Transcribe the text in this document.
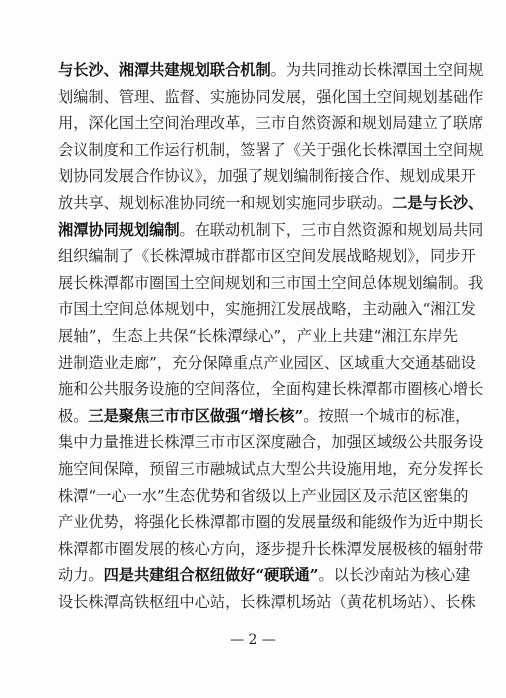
与长沙、湘潭共建规划联合机制。为共同推动长株潭国土空间规
划编制、管理、监督、实施协同发展，强化国土空间规划基础作
用，深化国土空间治理改革，三市自然资源和规划局建立了联席
会议制度和工作运行机制，签署了《关于强化长株潭国土空间规
划协同发展合作协议》，加强了规划编制衔接合作、规划成果开
放共享、规划标准协同统一和规划实施同步联动。二是与长沙、
湘潭协同规划编制。在联动机制下，三市自然资源和规划局共同
组织编制了《长株潭城市群都市区空间发展战略规划》，同步开
展长株潭都市圈国土空间规划和三市国土空间总体规划编制。我
市国土空间总体规划中，实施拥江发展战略，主动融入“湘江发
展轴”，生态上共保“长株潭绿心”，产业上共建“湘江东岸先
进制造业走廊”，充分保障重点产业园区、区域重大交通基础设
施和公共服务设施的空间落位，全面构建长株潭都市圈核心增长
极。三是聚焦三市市区做强“增长核”。按照一个城市的标准，
集中力量推进长株潭三市市区深度融合，加强区域级公共服务设
施空间保障，预留三市融城试点大型公共设施用地，充分发挥长
株潭“一心一水”生态优势和省级以上产业园区及示范区密集的
产业优势，将强化长株潭都市圈的发展量级和能级作为近中期长
株潭都市圈发展的核心方向，逐步提升长株潭发展极核的辐射带
动力。四是共建组合枢纽做好“硬联通”。以长沙南站为核心建
设长株潭高铁枢纽中心站，长株潭机场站（黄花机场站）、长株
— 2 —
